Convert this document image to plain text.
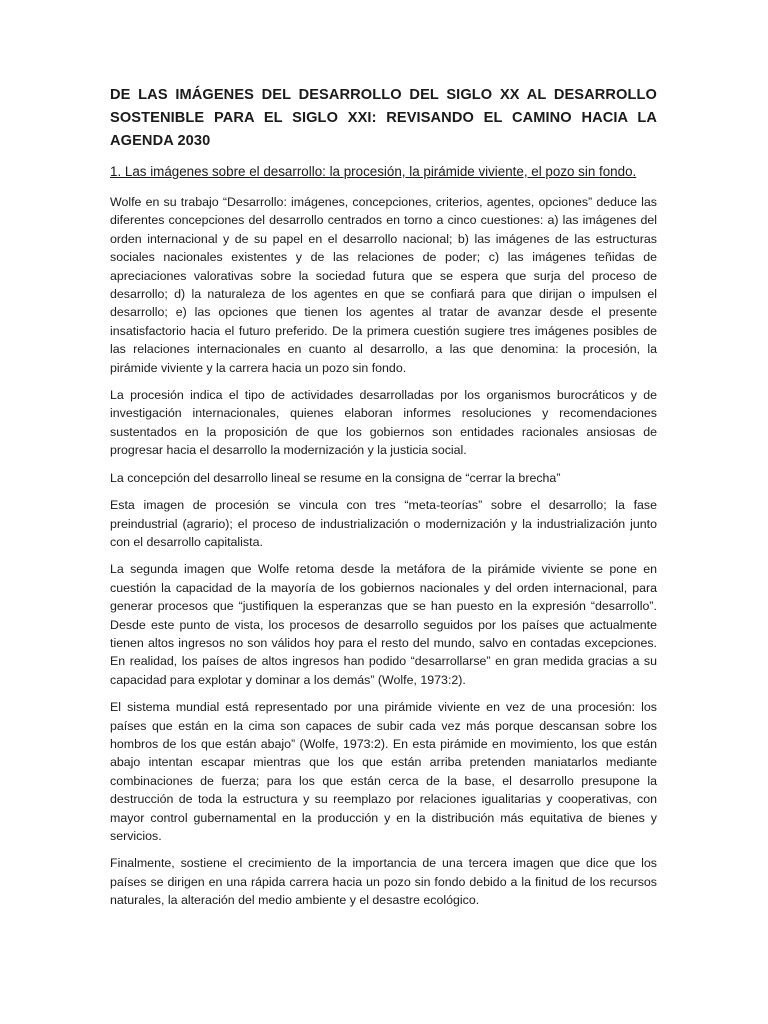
DE LAS IMÁGENES DEL DESARROLLO DEL SIGLO XX AL DESARROLLO SOSTENIBLE PARA EL SIGLO XXI: REVISANDO EL CAMINO HACIA LA AGENDA 2030

1. Las imágenes sobre el desarrollo: la procesión, la pirámide viviente, el pozo sin fondo.

Wolfe en su trabajo “Desarrollo: imágenes, concepciones, criterios, agentes, opciones” deduce las diferentes concepciones del desarrollo centrados en torno a cinco cuestiones: a) las imágenes del orden internacional y de su papel en el desarrollo nacional; b) las imágenes de las estructuras sociales nacionales existentes y de las relaciones de poder; c) las imágenes teñidas de apreciaciones valorativas sobre la sociedad futura que se espera que surja del proceso de desarrollo; d) la naturaleza de los agentes en que se confiará para que dirijan o impulsen el desarrollo; e) las opciones que tienen los agentes al tratar de avanzar desde el presente insatisfactorio hacia el futuro preferido. De la primera cuestión sugiere tres imágenes posibles de las relaciones internacionales en cuanto al desarrollo, a las que denomina: la procesión, la pirámide viviente y la carrera hacia un pozo sin fondo.

La procesión indica el tipo de actividades desarrolladas por los organismos burocráticos y de investigación internacionales, quienes elaboran informes resoluciones y recomendaciones sustentados en la proposición de que los gobiernos son entidades racionales ansiosas de progresar hacia el desarrollo la modernización y la justicia social.

La concepción del desarrollo lineal se resume en la consigna de “cerrar la brecha”

Esta imagen de procesión se vincula con tres “meta-teorías” sobre el desarrollo; la fase preindustrial (agrario); el proceso de industrialización o modernización y la industrialización junto con el desarrollo capitalista.

La segunda imagen que Wolfe retoma desde la metáfora de la pirámide viviente se pone en cuestión la capacidad de la mayoría de los gobiernos nacionales y del orden internacional, para generar procesos que “justifiquen la esperanzas que se han puesto en la expresión “desarrollo”. Desde este punto de vista, los procesos de desarrollo seguidos por los países que actualmente tienen altos ingresos no son válidos hoy para el resto del mundo, salvo en contadas excepciones. En realidad, los países de altos ingresos han podido “desarrollarse” en gran medida gracias a su capacidad para explotar y dominar a los demás” (Wolfe, 1973:2).

El sistema mundial está representado por una pirámide viviente en vez de una procesión: los países que están en la cima son capaces de subir cada vez más porque descansan sobre los hombros de los que están abajo” (Wolfe, 1973:2). En esta pirámide en movimiento, los que están abajo intentan escapar mientras que los que están arriba pretenden maniatarlos mediante combinaciones de fuerza; para los que están cerca de la base, el desarrollo presupone la destrucción de toda la estructura y su reemplazo por relaciones igualitarias y cooperativas, con mayor control gubernamental en la producción y en la distribución más equitativa de bienes y servicios.

Finalmente, sostiene el crecimiento de la importancia de una tercera imagen que dice que los países se dirigen en una rápida carrera hacia un pozo sin fondo debido a la finitud de los recursos naturales, la alteración del medio ambiente y el desastre ecológico.
